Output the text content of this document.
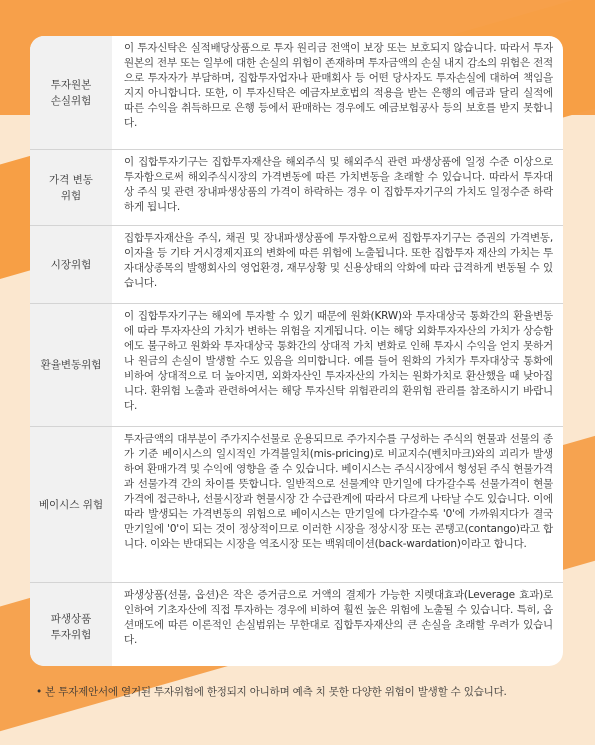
투자원본
손실위험
이 투자신탁은 실적배당상품으로 투자 원리금 전액이 보장 또는 보호되지 않습니다. 따라서 투자원본의 전부 또는 일부에 대한 손실의 위험이 존재하며 투자금액의 손실 내지 감소의 위험은 전적으로 투자자가 부담하며, 집합투자업자나 판매회사 등 어떤 당사자도 투자손실에 대하여 책임을 지지 아니합니다. 또한, 이 투자신탁은 예금자보호법의 적용을 받는 은행의 예금과 달리 실적에 따른 수익을 취득하므로 은행 등에서 판매하는 경우에도 예금보험공사 등의 보호를 받지 못합니다.
가격 변동
위험
이 집합투자기구는 집합투자재산을 해외주식 및 해외주식 관련 파생상품에 일정 수준 이상으로 투자함으로써 해외주식시장의 가격변동에 따른 가치변동을 초래할 수 있습니다. 따라서 투자대상 주식 및 관련 장내파생상품의 가격이 하락하는 경우 이 집합투자기구의 가치도 일정수준 하락하게 됩니다.
시장위험
집합투자재산을 주식, 채권 및 장내파생상품에 투자함으로써 집합투자기구는 증권의 가격변동, 이자율 등 기타 거시경제지표의 변화에 따른 위험에 노출됩니다. 또한 집합투자 재산의 가치는 투자대상종목의 발행회사의 영업환경, 재무상황 및 신용상태의 악화에 따라 급격하게 변동될 수 있습니다.
환율변동위험
이 집합투자기구는 해외에 투자할 수 있기 때문에 원화(KRW)와 투자대상국 통화간의 환율변동에 따라 투자자산의 가치가 변하는 위험을 지게됩니다. 이는 해당 외화투자자산의 가치가 상승함에도 불구하고 원화와 투자대상국 통화간의 상대적 가치 변화로 인해 투자시 수익을 얻지 못하거나 원금의 손실이 발생할 수도 있음을 의미합니다. 예를 들어 원화의 가치가 투자대상국 통화에 비하여 상대적으로 더 높아지면, 외화자산인 투자자산의 가치는 원화가치로 환산했을 때 낮아집니다. 환위험 노출과 관련하여서는 해당 투자신탁 위험관리의 환위험 관리를 참조하시기 바랍니다.
베이시스 위험
투자금액의 대부분이 주가지수선물로 운용되므로 주가지수를 구성하는 주식의 현물과 선물의 종가 기준 베이시스의 일시적인 가격불일치(mis-pricing)로 비교지수(벤치마크)와의 괴리가 발생하여 환매가격 및 수익에 영향을 줄 수 있습니다. 베이시스는 주식시장에서 형성된 주식 현물가격과 선물가격 간의 차이를 뜻합니다. 일반적으로 선물계약 만기일에 다가갈수록 선물가격이 현물가격에 접근하나, 선물시장과 현물시장 간 수급관계에 따라서 다르게 나타날 수도 있습니다. 이에 따라 발생되는 가격변동의 위험으로 베이시스는 만기일에 다가갈수록 '0'에 가까워지다가 결국 만기일에 '0'이 되는 것이 정상적이므로 이러한 시장을 정상시장 또는 콘탱고(contango)라고 합니다. 이와는 반대되는 시장을 역조시장 또는 백워데이션(back-wardation)이라고 합니다.
파생상품
투자위험
파생상품(선물, 옵션)은 작은 증거금으로 거액의 결제가 가능한 지렛대효과(Leverage 효과)로 인하여 기초자산에 직접 투자하는 경우에 비하여 훨씬 높은 위험에 노출될 수 있습니다. 특히, 옵션매도에 따른 이론적인 손실범위는 무한대로 집합투자재산의 큰 손실을 초래할 우려가 있습니다.
• 본 투자제안서에 열거된 투자위험에 한정되지 아니하며 예측 치 못한 다양한 위험이 발생할 수 있습니다.
